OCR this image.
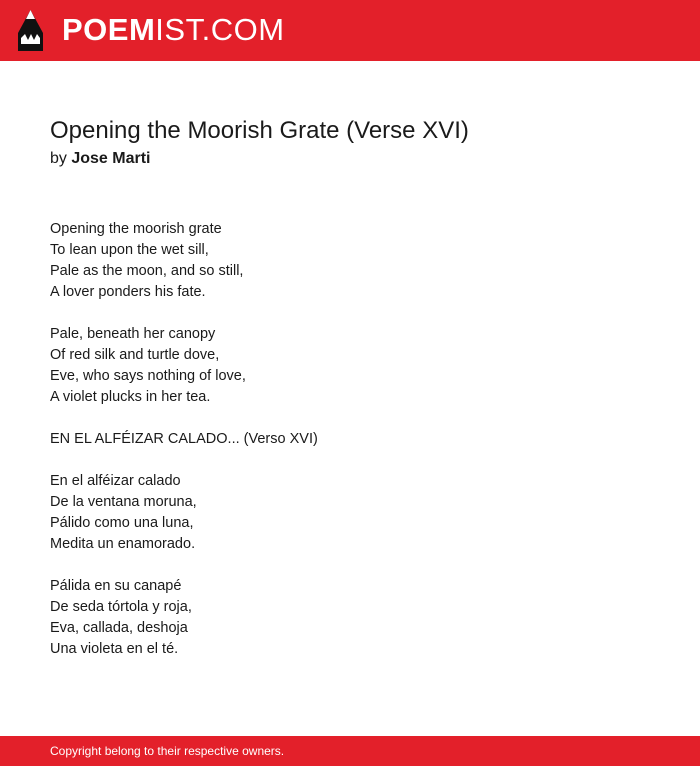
POEMIST.COM
Opening the Moorish Grate (Verse XVI)
by Jose Marti
Opening the moorish grate
To lean upon the wet sill,
Pale as the moon, and so still,
A lover ponders his fate.
Pale, beneath her canopy
Of red silk and turtle dove,
Eve, who says nothing of love,
A violet plucks in her tea.
EN EL ALFÉIZAR CALADO... (Verso XVI)
En el alféizar calado
De la ventana moruna,
Pálido como una luna,
Medita un enamorado.
Pálida en su canapé
De seda tórtola y roja,
Eva, callada, deshoja
Una violeta en el té.
Copyright belong to their respective owners.
